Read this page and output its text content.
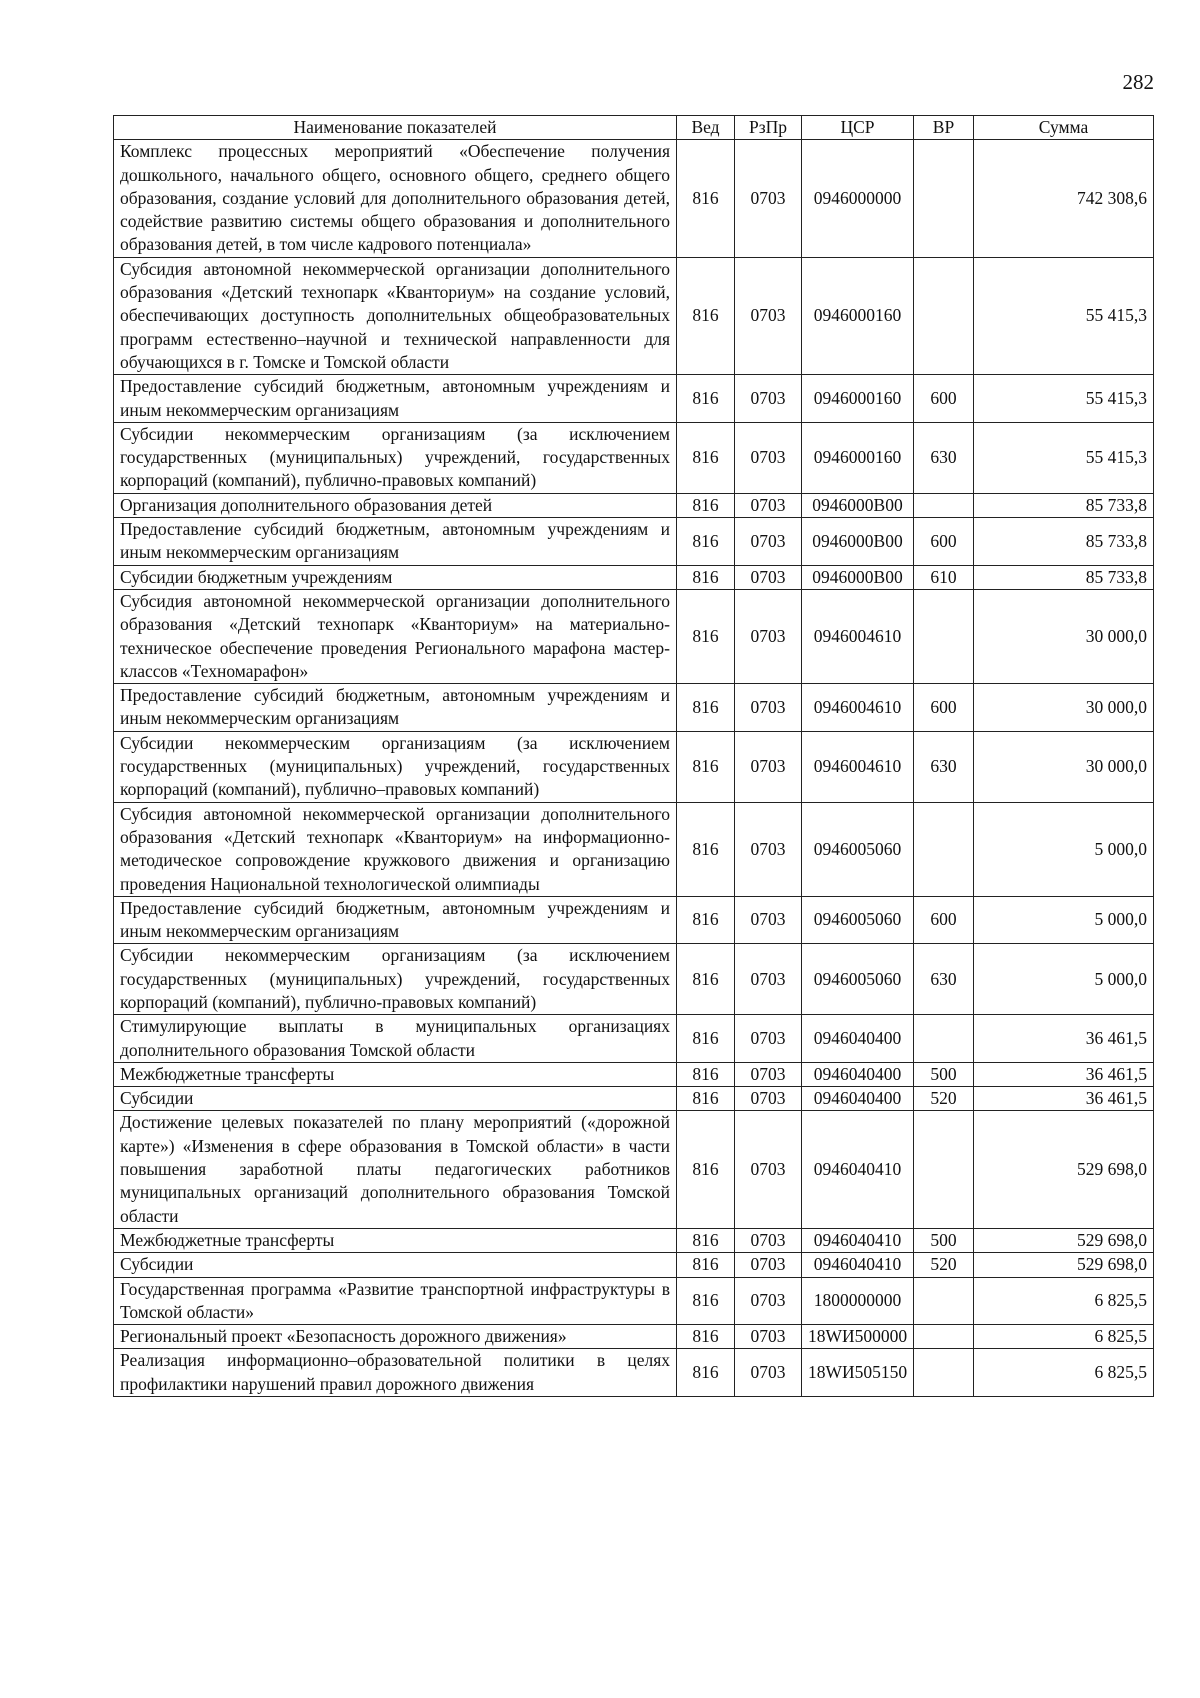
282
Наименование показателей	Вед	РзПр	ЦСР	ВР	Сумма
Комплекс процессных мероприятий «Обеспечение получения дошкольного, начального общего, основного общего, среднего общего образования, создание условий для дополнительного образования детей, содействие развитию системы общего образования и дополнительного образования детей, в том числе кадрового потенциала»	816	0703	0946000000		742 308,6
Субсидия автономной некоммерческой организации дополнительного образования «Детский технопарк «Кванториум» на создание условий, обеспечивающих доступность дополнительных общеобразовательных программ естественно–научной и технической направленности для обучающихся в г. Томске и Томской области	816	0703	0946000160		55 415,3
Предоставление субсидий бюджетным, автономным учреждениям и иным некоммерческим организациям	816	0703	0946000160	600	55 415,3
Субсидии некоммерческим организациям (за исключением государственных (муниципальных) учреждений, государственных корпораций (компаний), публично-правовых компаний)	816	0703	0946000160	630	55 415,3
Организация дополнительного образования детей	816	0703	0946000В00		85 733,8
Предоставление субсидий бюджетным, автономным учреждениям и иным некоммерческим организациям	816	0703	0946000В00	600	85 733,8
Субсидии бюджетным учреждениям	816	0703	0946000В00	610	85 733,8
Субсидия автономной некоммерческой организации дополнительного образования «Детский технопарк «Кванториум» на материально-техническое обеспечение проведения Регионального марафона мастер-классов «Техномарафон»	816	0703	0946004610		30 000,0
Предоставление субсидий бюджетным, автономным учреждениям и иным некоммерческим организациям	816	0703	0946004610	600	30 000,0
Субсидии некоммерческим организациям (за исключением государственных (муниципальных) учреждений, государственных корпораций (компаний), публично–правовых компаний)	816	0703	0946004610	630	30 000,0
Субсидия автономной некоммерческой организации дополнительного образования «Детский технопарк «Кванториум» на информационно-методическое сопровождение кружкового движения и организацию проведения Национальной технологической олимпиады	816	0703	0946005060		5 000,0
Предоставление субсидий бюджетным, автономным учреждениям и иным некоммерческим организациям	816	0703	0946005060	600	5 000,0
Субсидии некоммерческим организациям (за исключением государственных (муниципальных) учреждений, государственных корпораций (компаний), публично-правовых компаний)	816	0703	0946005060	630	5 000,0
Стимулирующие выплаты в муниципальных организациях дополнительного образования Томской области	816	0703	0946040400		36 461,5
Межбюджетные трансферты	816	0703	0946040400	500	36 461,5
Субсидии	816	0703	0946040400	520	36 461,5
Достижение целевых показателей по плану мероприятий («дорожной картe») «Изменения в сфере образования в Томской области» в части повышения заработной платы педагогических работников муниципальных организаций дополнительного образования Томской области	816	0703	0946040410		529 698,0
Межбюджетные трансферты	816	0703	0946040410	500	529 698,0
Субсидии	816	0703	0946040410	520	529 698,0
Государственная программа «Развитие транспортной инфраструктуры в Томской области»	816	0703	1800000000		6 825,5
Региональный проект «Безопасность дорожного движения»	816	0703	18WИ500000		6 825,5
Реализация информационно–образовательной политики в целях профилактики нарушений правил дорожного движения	816	0703	18WИ505150		6 825,5
